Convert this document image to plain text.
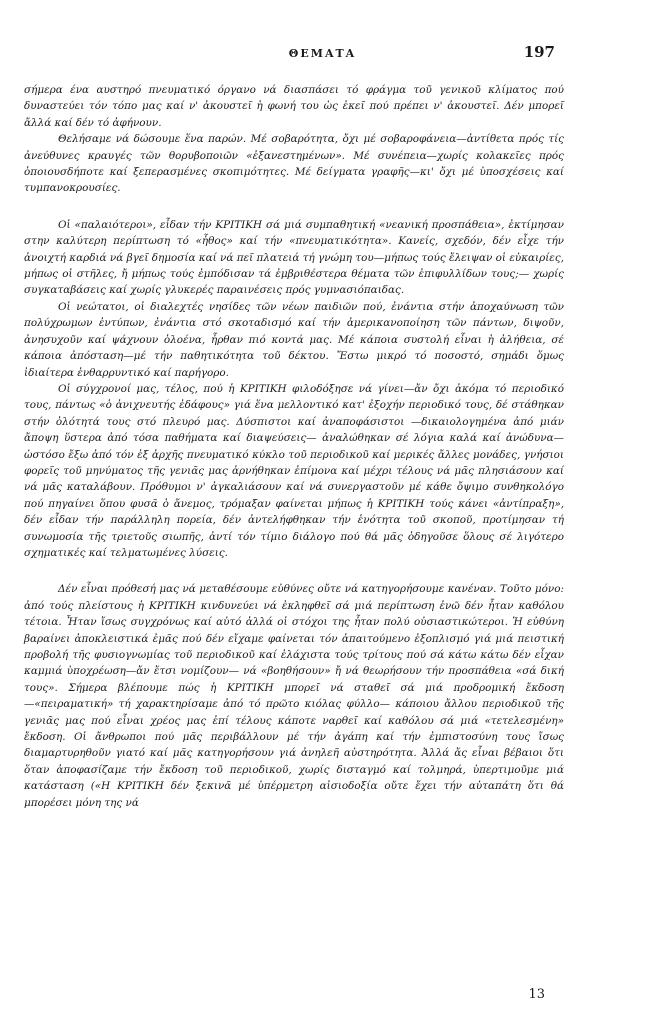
ΘΕΜΑΤΑ	197

σήμερα ένα αυστηρό πνευματικό όργανο νά διασπάσει τό φράγμα τοῦ γενικοῦ κλίματος πού δυναστεύει τόν τόπο μας καί ν' ἀκουστεῖ ἡ φωνή του ὡς ἐκεῖ πού πρέπει ν' ἀκουστεῖ. Δέν μπορεῖ ἄλλά καί δέν τό ἀφήνουν.

Θελήσαμε νά δώσουμε ἕνα παρών. Μέ σοβαρότητα, ὄχι μέ σοβαροφάνεια—ἀντίθετα πρός τίς ἀνεύθυνες κραυγές τῶν θορυβοποιῶν «ἐξανεστημένων». Μέ συνέπεια—χωρίς κολακεῖες πρός ὁποιουσδήποτε καί ξεπερασμένες σκοπιμότητες. Μέ δείγματα γραφῆς—κι' ὄχι μέ ὑποσχέσεις καί τυμπανοκρουσίες.

Οἱ «παλαιότεροι», εἶδαν τήν ΚΡΙΤΙΚΗ σά μιά συμπαθητική «νεανική προσπάθεια», ἐκτίμησαν στην καλύτερη περίπτωση τό «ἦθος» καί τήν «πνευματικότητα». Κανείς, σχεδόν, δέν εἶχε τήν ἀνοιχτή καρδιά νά βγεῖ δημοσία καί νά πεῖ πλατειά τή γνώμη του—μήπως τούς ἔλειψαν οἱ εὐκαιρίες, μήπως οἱ στῆλες, ἤ μήπως τούς ἐμπόδισαν τά ἐμβριθέστερα θέματα τῶν ἐπιφυλλίδων τους;— χωρίς συγκαταβάσεις καί χωρίς γλυκερές παραινέσεις πρός γυμνασιόπαιδας.

Οἱ νεώτατοι, οἱ διαλεχτές νησίδες τῶν νέων παιδιῶν πού, ἐνάντια στήν ἀποχαύνωση τῶν πολύχρωμων ἐντύπων, ἐνάντια στό σκοταδισμό καί τήν ἀμερικανοποίηση τῶν πάντων, διψοῦν, ἀνησυχοῦν καί ψάχνουν ὁλοένα, ἦρθαν πιό κοντά μας. Μέ κάποια συστολή εἶναι ἡ ἀλήθεια, σέ κάποια ἀπόσταση—μέ τήν παθητικότητα τοῦ δέκτου. Ἔστω μικρό τό ποσοστό, σημάδι ὅμως ἰδιαίτερα ἐνθαρρυντικό καί παρήγορο.

Οἱ σύγχρονοί μας, τέλος, πού ἡ ΚΡΙΤΙΚΗ φιλοδόξησε νά γίνει—ἄν ὄχι ἀκόμα τό περιοδικό τους, πάντως «ὁ ἀνιχνευτής ἐδάφους» γιά ἕνα μελλοντικό κατ' ἐξοχήν περιοδικό τους, δέ στάθηκαν στήν ὁλότητά τους στό πλευρό μας. Δύσπιστοι καί ἀναποφάσιστοι —δικαιολογημένα ἀπό μιάν ἄποψη ὕστερα ἀπό τόσα παθήματα καί διαψεύσεις— ἀναλώθηκαν σέ λόγια καλά καί ἀνώδυνα—ὡστόσο ἔξω ἀπό τόν ἐξ ἀρχῆς πνευματικό κύκλο τοῦ περιοδικοῦ καί μερικές ἄλλες μονάδες, γνήσιοι φορεῖς τοῦ μηνύματος τῆς γενιᾶς μας ἀρνήθηκαν ἐπίμονα καί μέχρι τέλους νά μᾶς πλησιάσουν καί νά μᾶς καταλάβουν. Πρόθυμοι ν' ἀγκαλιάσουν καί νά συνεργαστοῦν μέ κάθε ὄψιμο συνθηκολόγο πού πηγαίνει ὅπου φυσᾶ ὁ ἄνεμος, τρόμαξαν φαίνεται μήπως ἡ ΚΡΙΤΙΚΗ τούς κάνει «ἀντίπραξη», δέν εἶδαν τήν παράλληλη πορεία, δέν ἀντελήφθηκαν τήν ἑνότητα τοῦ σκοποῦ, προτίμησαν τή συνωμοσία τῆς τριετοῦς σιωπῆς, ἀντί τόν τίμιο διάλογο πού θά μᾶς ὁδηγοῦσε ὅλους σέ λιγότερο σχηματικές καί τελματωμένες λύσεις.

Δέν εἶναι πρόθεσή μας νά μεταθέσουμε εὐθύνες οὔτε νά κατηγορήσουμε κανέναν. Τοῦτο μόνο: ἀπό τούς πλείστους ἡ ΚΡΙΤΙΚΗ κινδυνεύει νά ἐκληφθεῖ σά μιά περίπτωση ἐνῶ δέν ἦταν καθόλου τέτοια. Ἦταν ἴσως συγχρόνως καί αὐτό ἀλλά οἱ στόχοι της ἦταν πολύ οὐσιαστικώτεροι. Ἡ εὐθύνη βαραίνει ἀποκλειστικά ἐμᾶς πού δέν εἴχαμε φαίνεται τόν ἀπαιτούμενο ἐξοπλισμό γιά μιά πειστική προβολή τῆς φυσιογνωμίας τοῦ περιοδικοῦ καί ἐλάχιστα τούς τρίτους πού σά κάτω κάτω δέν εἶχαν καμμιά ὑποχρέωση—ἄν ἔτσι νομίζουν— νά «βοηθήσουν» ἤ νά θεωρήσουν τήν προσπάθεια «σά δική τους». Σήμερα βλέπουμε πώς ἡ ΚΡΙΤΙΚΗ μπορεῖ νά σταθεῖ σά μιά προδρομική ἔκδοση —«πειραματική» τή χαρακτηρίσαμε ἀπό τό πρῶτο κιόλας φύλλο— κάποιου ἄλλου περιοδικοῦ τῆς γενιᾶς μας πού εἶναι χρέος μας ἐπί τέλους κάποτε ναρθεῖ καί καθόλου σά μιά «τετελεσμένη» ἔκδοση. Οἱ ἄνθρωποι πού μᾶς περιβάλλουν μέ τήν ἀγάπη καί τήν ἐμπιστοσύνη τους ἴσως διαμαρτυρηθοῦν γιατό καί μᾶς κατηγορήσουν γιά ἀνηλεῆ αὐστηρότητα. Ἀλλά ἄς εἶναι βέβαιοι ὅτι ὅταν ἀποφασίζαμε τήν ἔκδοση τοῦ περιοδικοῦ, χωρίς δισταγμό καί τολμηρά, ὑπερτιμοῦμε μιά κατάσταση («Η ΚΡΙΤΙΚΗ δέν ξεκινᾶ μέ ὑπέρμετρη αἰσιοδοξία οὔτε ἔχει τήν αὐταπάτη ὅτι θά μπορέσει μόνη της νά

13
